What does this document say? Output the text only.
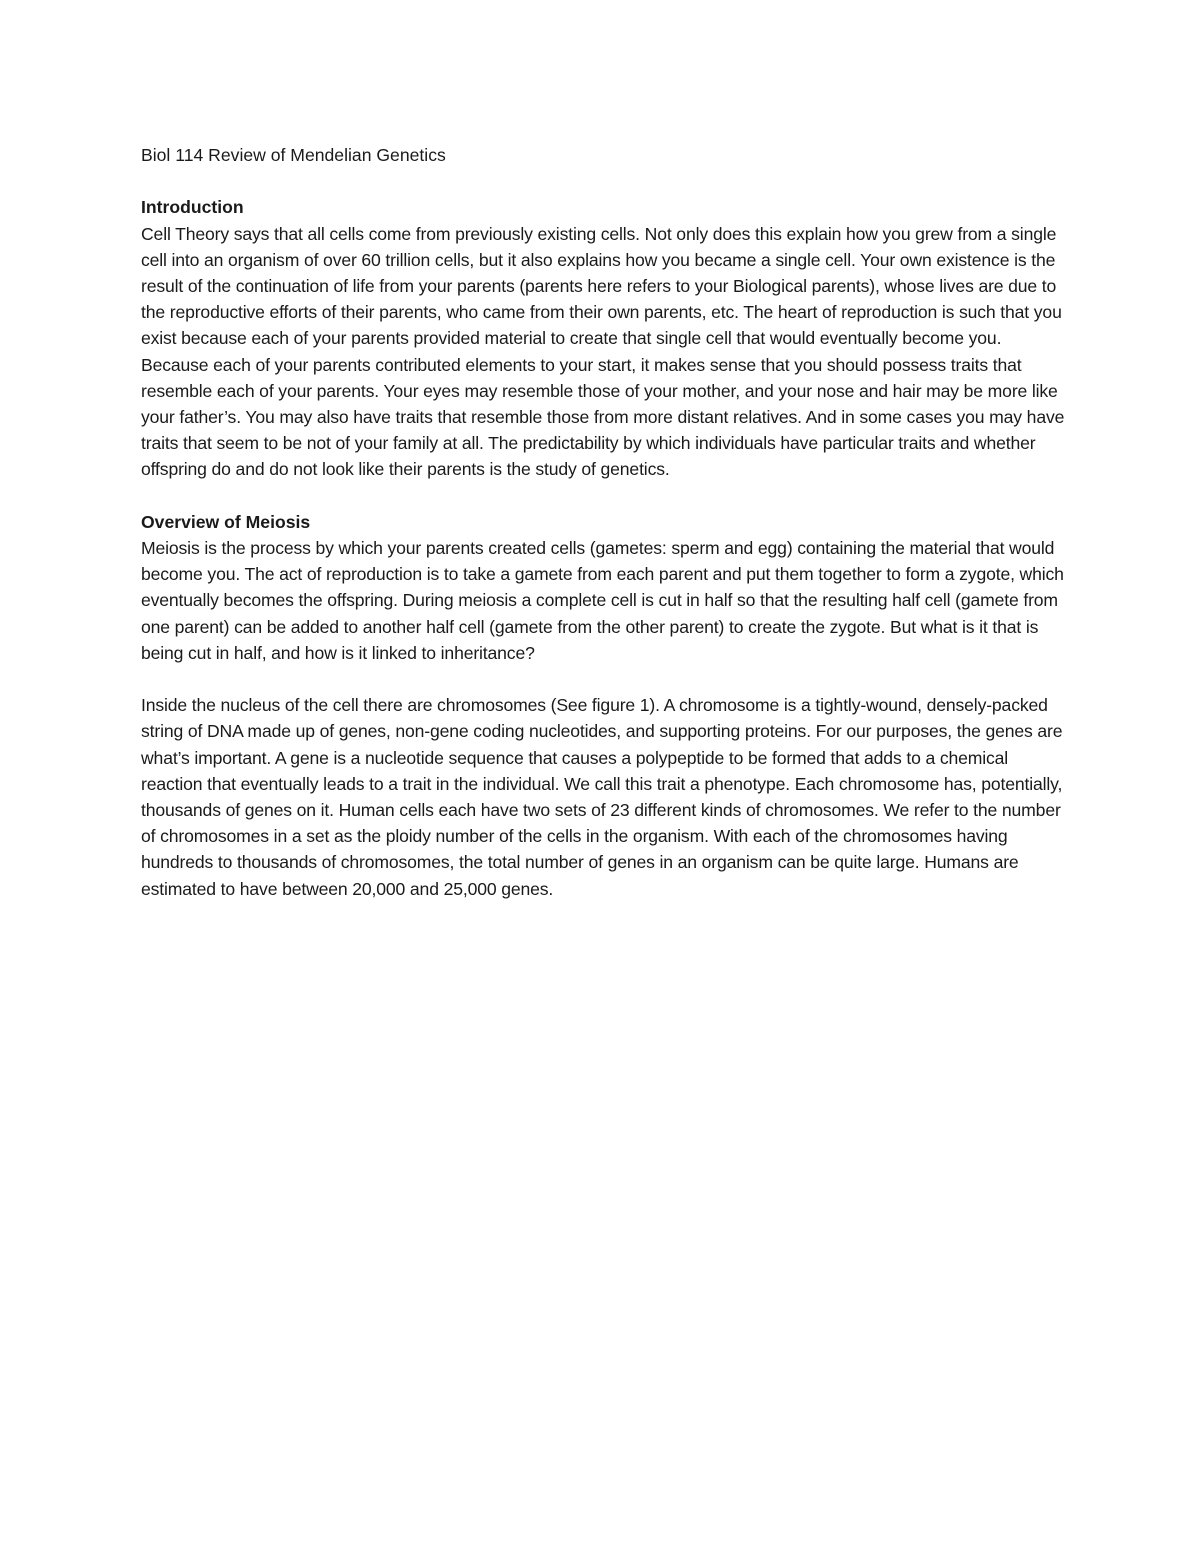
Biol 114 Review of Mendelian Genetics
Introduction

Cell Theory says that all cells come from previously existing cells. Not only does this explain how you grew from a single cell into an organism of over 60 trillion cells, but it also explains how you became a single cell. Your own existence is the result of the continuation of life from your parents (parents here refers to your Biological parents), whose lives are due to the reproductive efforts of their parents, who came from their own parents, etc. The heart of reproduction is such that you exist because each of your parents provided material to create that single cell that would eventually become you. Because each of your parents contributed elements to your start, it makes sense that you should possess traits that resemble each of your parents. Your eyes may resemble those of your mother, and your nose and hair may be more like your father’s. You may also have traits that resemble those from more distant relatives. And in some cases you may have traits that seem to be not of your family at all. The predictability by which individuals have particular traits and whether offspring do and do not look like their parents is the study of genetics.

Overview of Meiosis

Meiosis is the process by which your parents created cells (gametes: sperm and egg) containing the material that would become you. The act of reproduction is to take a gamete from each parent and put them together to form a zygote, which eventually becomes the offspring. During meiosis a complete cell is cut in half so that the resulting half cell (gamete from one parent) can be added to another half cell (gamete from the other parent) to create the zygote. But what is it that is being cut in half, and how is it linked to inheritance?

Inside the nucleus of the cell there are chromosomes (See figure 1). A chromosome is a tightly-wound, densely-packed string of DNA made up of genes, non-gene coding nucleotides, and supporting proteins. For our purposes, the genes are what’s important. A gene is a nucleotide sequence that causes a polypeptide to be formed that adds to a chemical reaction that eventually leads to a trait in the individual. We call this trait a phenotype. Each chromosome has, potentially, thousands of genes on it. Human cells each have two sets of 23 different kinds of chromosomes. We refer to the number of chromosomes in a set as the ploidy number of the cells in the organism. With each of the chromosomes having hundreds to thousands of chromosomes, the total number of genes in an organism can be quite large. Humans are estimated to have between 20,000 and 25,000 genes.
